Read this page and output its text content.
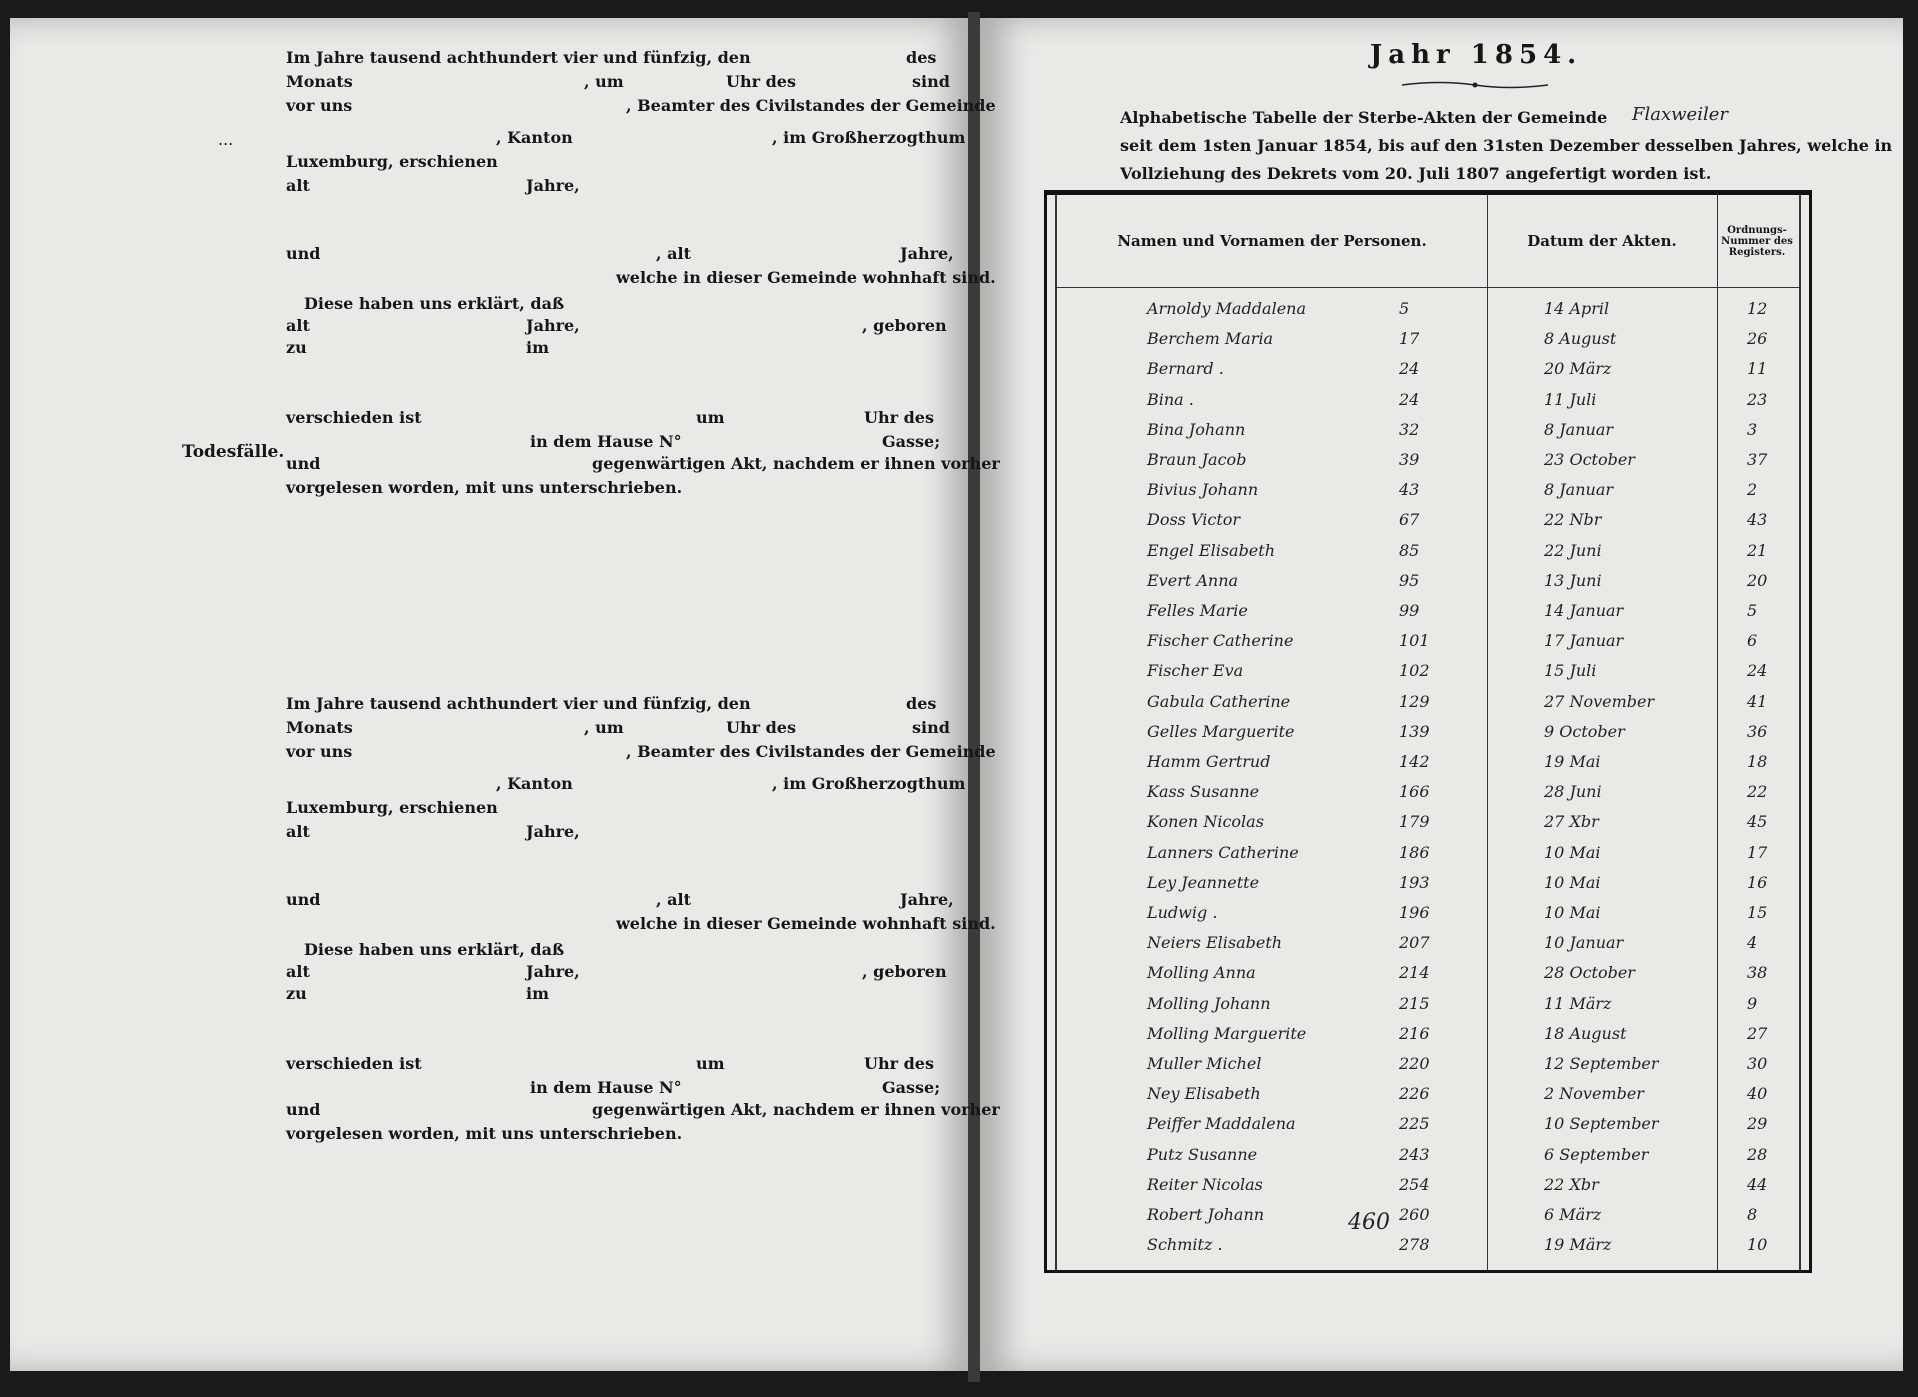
...
Todesfälle.
Im Jahre tausend achthundert vier und fünfzig, den	des
Monats	, um	Uhr des	sind
vor uns	, Beamter des Civilstandes der Gemeinde
, Kanton	, im Großherzogthum
Luxemburg, erschienen
alt	Jahre,
und	, alt	Jahre,
welche in dieser Gemeinde wohnhaft sind.
Diese haben uns erklärt, daß
alt	Jahre,	, geboren
zu	im
verschieden ist	um	Uhr des
in dem Hause N°	Gasse;
und	gegenwärtigen Akt, nachdem er ihnen vorher
vorgelesen worden, mit uns unterschrieben.
Im Jahre tausend achthundert vier und fünfzig, den	des
Monats	, um	Uhr des	sind
vor uns	, Beamter des Civilstandes der Gemeinde
, Kanton	, im Großherzogthum
Luxemburg, erschienen
alt	Jahre,
und	, alt	Jahre,
welche in dieser Gemeinde wohnhaft sind.
Diese haben uns erklärt, daß
alt	Jahre,	, geboren
zu	im
verschieden ist	um	Uhr des
in dem Hause N°	Gasse;
und	gegenwärtigen Akt, nachdem er ihnen vorher
vorgelesen worden, mit uns unterschrieben.
Jahr 1854.
Alphabetische Tabelle der Sterbe-Akten der Gemeinde Flaxweiler
seit dem 1sten Januar 1854, bis auf den 31sten Dezember desselben Jahres, welche in
Vollziehung des Dekrets vom 20. Juli 1807 angefertigt worden ist.
Namen und Vornamen der Personen.	Datum der Akten.
Ordnungs-Nummer des Registers.
Arnoldy Maddalena	5	14 April	12
Berchem Maria	17	8 August	26
Bernard .	24	20 März	11
Bina .	24	11 Juli	23
Bina Johann	32	8 Januar	3
Braun Jacob	39	23 October	37
Bivius Johann	43	8 Januar	2
Doss Victor	67	22 Nbr	43
Engel Elisabeth	85	22 Juni	21
Evert Anna	95	13 Juni	20
Felles Marie	99	14 Januar	5
Fischer Catherine	101	17 Januar	6
Fischer Eva	102	15 Juli	24
Gabula Catherine	129	27 November	41
Gelles Marguerite	139	9 October	36
Hamm Gertrud	142	19 Mai	18
Kass Susanne	166	28 Juni	22
Konen Nicolas	179	27 Xbr	45
Lanners Catherine	186	10 Mai	17
Ley Jeannette	193	10 Mai	16
Ludwig .	196	10 Mai	15
Neiers Elisabeth	207	10 Januar	4
Molling Anna	214	28 October	38
Molling Johann	215	11 März	9
Molling Marguerite	216	18 August	27
Muller Michel	220	12 September	30
Ney Elisabeth	226	2 November	40
Peiffer Maddalena	225	10 September	29
Putz Susanne	243	6 September	28
Reiter Nicolas	254	22 Xbr	44
Robert Johann	260	6 März	8
Schmitz .	278	19 März	10
460
